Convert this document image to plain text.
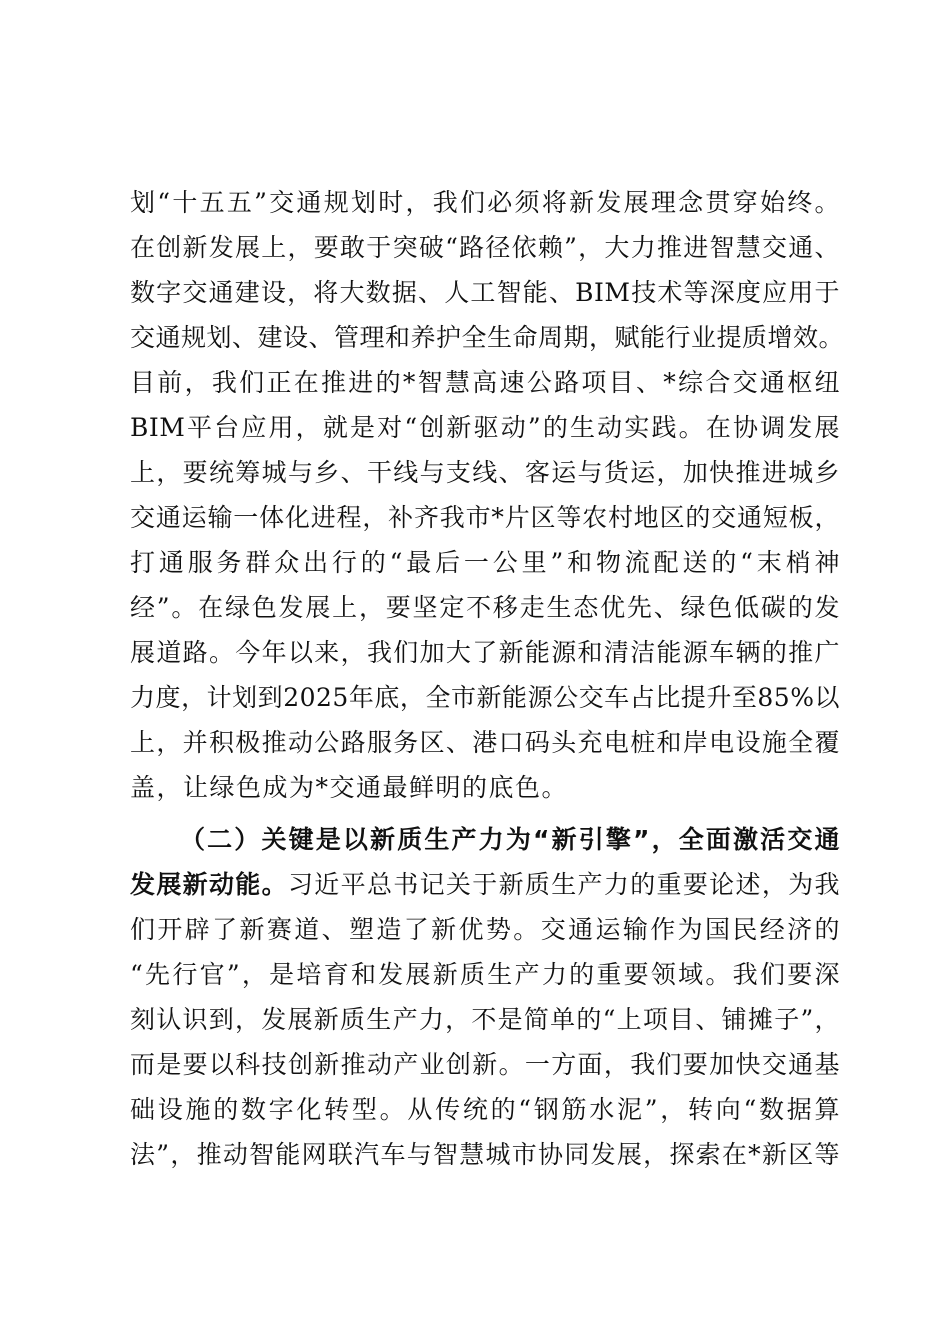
划“十五五”交通规划时，我们必须将新发展理念贯穿始终。
在创新发展上，要敢于突破“路径依赖”，大力推进智慧交通、
数字交通建设，将大数据、人工智能、BIM技术等深度应用于
交通规划、建设、管理和养护全生命周期，赋能行业提质增效。
目前，我们正在推进的*智慧高速公路项目、*综合交通枢纽
BIM平台应用，就是对“创新驱动”的生动实践。在协调发展
上，要统筹城与乡、干线与支线、客运与货运，加快推进城乡
交通运输一体化进程，补齐我市*片区等农村地区的交通短板，
打通服务群众出行的“最后一公里”和物流配送的“末梢神
经”。在绿色发展上，要坚定不移走生态优先、绿色低碳的发
展道路。今年以来，我们加大了新能源和清洁能源车辆的推广
力度，计划到2025年底，全市新能源公交车占比提升至85%以
上，并积极推动公路服务区、港口码头充电桩和岸电设施全覆
盖，让绿色成为*交通最鲜明的底色。
（二）关键是以新质生产力为“新引擎”，全面激活交通
发展新动能。习近平总书记关于新质生产力的重要论述，为我
们开辟了新赛道、塑造了新优势。交通运输作为国民经济的
“先行官”，是培育和发展新质生产力的重要领域。我们要深
刻认识到，发展新质生产力，不是简单的“上项目、铺摊子”，
而是要以科技创新推动产业创新。一方面，我们要加快交通基
础设施的数字化转型。从传统的“钢筋水泥”，转向“数据算
法”，推动智能网联汽车与智慧城市协同发展，探索在*新区等
